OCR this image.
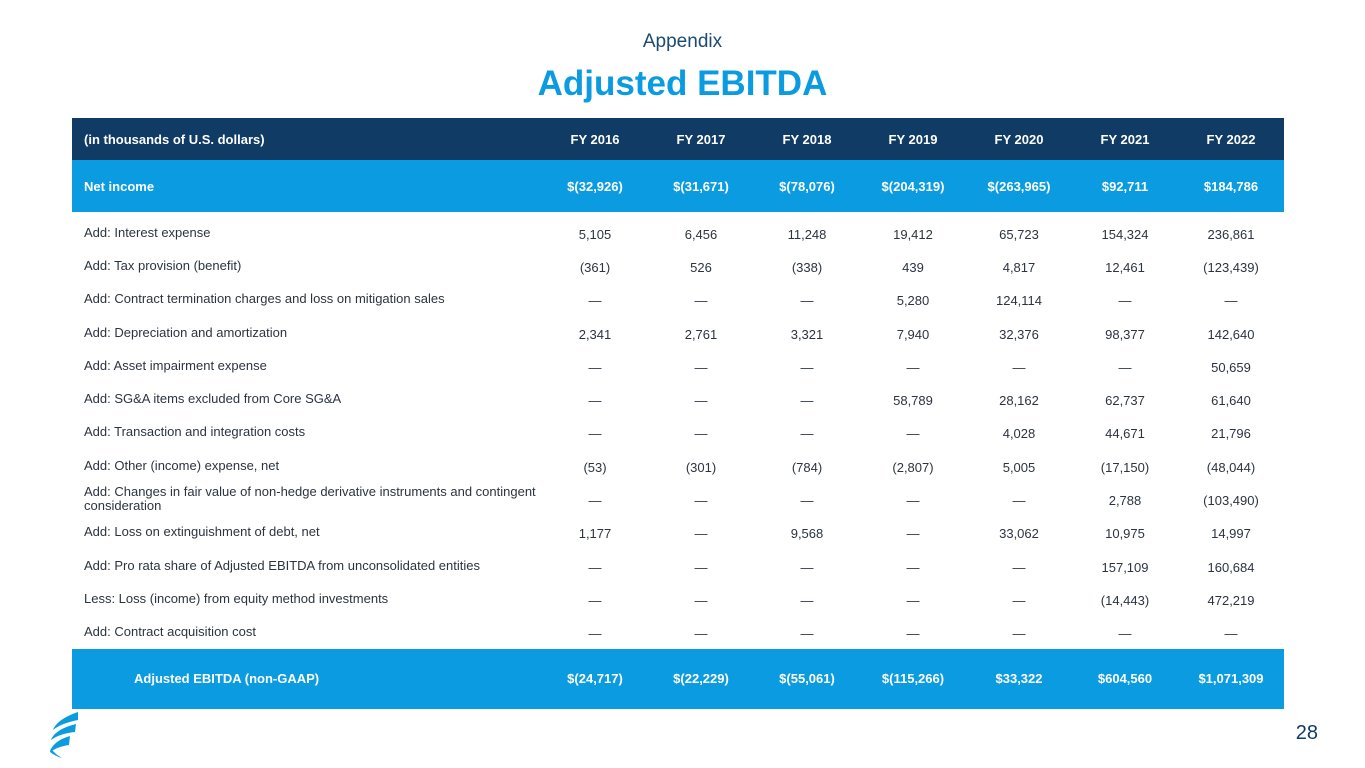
Appendix
Adjusted EBITDA
(in thousands of U.S. dollars)	FY 2016	FY 2017	FY 2018	FY 2019	FY 2020	FY 2021	FY 2022
Net income	$(32,926)	$(31,671)	$(78,076)	$(204,319)	$(263,965)	$92,711	$184,786

Add: Interest expense	5,105	6,456	11,248	19,412	65,723	154,324	236,861
Add: Tax provision (benefit)	(361)	526	(338)	439	4,817	12,461	(123,439)
Add: Contract termination charges and loss on mitigation sales	—	—	—	5,280	124,114	—	—
Add: Depreciation and amortization	2,341	2,761	3,321	7,940	32,376	98,377	142,640
Add: Asset impairment expense	—	—	—	—	—	—	50,659
Add: SG&A items excluded from Core SG&A	—	—	—	58,789	28,162	62,737	61,640
Add: Transaction and integration costs	—	—	—	—	4,028	44,671	21,796
Add: Other (income) expense, net	(53)	(301)	(784)	(2,807)	5,005	(17,150)	(48,044)
Add: Changes in fair value of non-hedge derivative instruments and contingent consideration	—	—	—	—	—	2,788	(103,490)
Add: Loss on extinguishment of debt, net	1,177	—	9,568	—	33,062	10,975	14,997
Add: Pro rata share of Adjusted EBITDA from unconsolidated entities	—	—	—	—	—	157,109	160,684
Less: Loss (income) from equity method investments	—	—	—	—	—	(14,443)	472,219
Add: Contract acquisition cost	—	—	—	—	—	—	—
Adjusted EBITDA (non-GAAP)	$(24,717)	$(22,229)	$(55,061)	$(115,266)	$33,322	$604,560	$1,071,309
28
